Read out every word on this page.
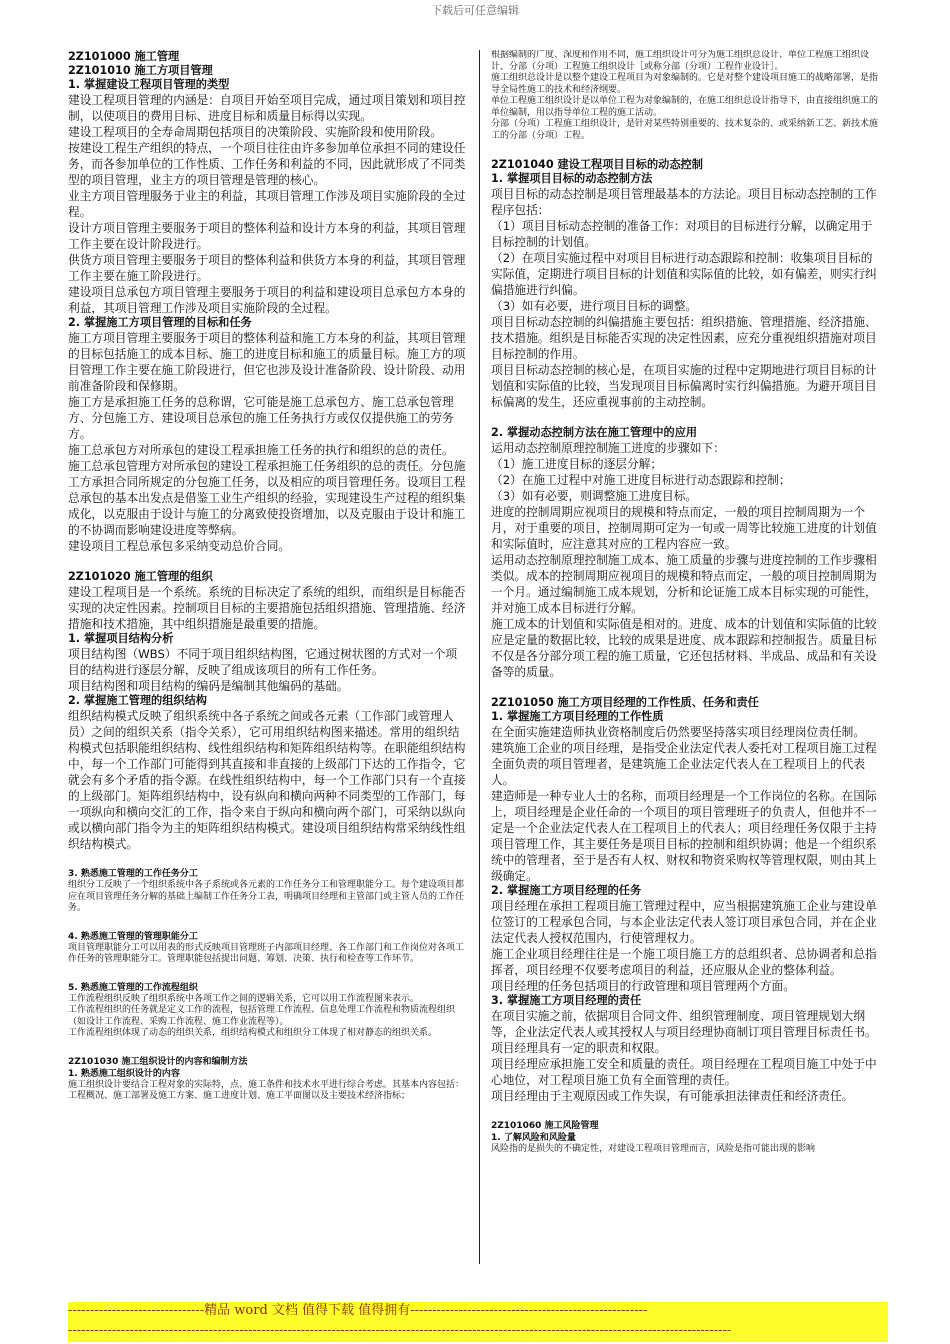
下载后可任意编辑
2Z101000 施工管理
2Z101010 施工方项目管理
1. 掌握建设工程项目管理的类型
建设工程项目管理的内涵是：自项目开始至项目完成，通过项目策划和项目控制，以使项目的费用目标、进度目标和质量目标得以实现。
建设工程项目的全寿命周期包括项目的决策阶段、实施阶段和使用阶段。
按建设工程生产组织的特点，一个项目往往由许多参加单位承担不同的建设任务，而各参加单位的工作性质、工作任务和利益的不同，因此就形成了不同类型的项目管理，业主方的项目管理是管理的核心。
业主方项目管理服务于业主的利益，其项目管理工作涉及项目实施阶段的全过程。
设计方项目管理主要服务于项目的整体利益和设计方本身的利益，其项目管理工作主要在设计阶段进行。
供货方项目管理主要服务于项目的整体利益和供货方本身的利益，其项目管理工作主要在施工阶段进行。
建设项目总承包方项目管理主要服务于项目的利益和建设项目总承包方本身的利益，其项目管理工作涉及项目实施阶段的全过程。
2. 掌握施工方项目管理的目标和任务
施工方项目管理主要服务于项目的整体利益和施工方本身的利益，其项目管理的目标包括施工的成本目标、施工的进度目标和施工的质量目标。施工方的项目管理工作主要在施工阶段进行，但它也涉及设计准备阶段、设计阶段、动用前准备阶段和保修期。
施工方是承担施工任务的总称谓，它可能是施工总承包方、施工总承包管理方、分包施工方、建设项目总承包的施工任务执行方或仅仅提供施工的劳务方。
施工总承包方对所承包的建设工程承担施工任务的执行和组织的总的责任。
施工总承包管理方对所承包的建设工程承担施工任务组织的总的责任。分包施工方承担合同所规定的分包施工任务，以及相应的项目管理任务。设项目工程总承包的基本出发点是借鉴工业生产组织的经验，实现建设生产过程的组织集成化，以克服由于设计与施工的分离致使投资增加，以及克服由于设计和施工的不协调而影响建设进度等弊病。
建设项目工程总承包多采纳变动总价合同。
2Z101020 施工管理的组织
建设工程项目是一个系统。系统的目标决定了系统的组织，而组织是目标能否实现的决定性因素。控制项目目标的主要措施包括组织措施、管理措施、经济措施和技术措施，其中组织措施是最重要的措施。
1. 掌握项目结构分析
项目结构图（WBS）不同于项目组织结构图，它通过树状图的方式对一个项目的结构进行逐层分解，反映了组成该项目的所有工作任务。
项目结构图和项目结构的编码是编制其他编码的基础。
2. 掌握施工管理的组织结构
组织结构模式反映了组织系统中各子系统之间或各元素（工作部门或管理人员）之间的组织关系（指令关系），它可用组织结构图来描述。常用的组织结构模式包括职能组织结构、线性组织结构和矩阵组织结构等。在职能组织结构中，每一个工作部门可能得到其直接和非直接的上级部门下达的工作指令，它就会有多个矛盾的指令源。在线性组织结构中，每一个工作部门只有一个直接的上级部门。矩阵组织结构中，设有纵向和横向两种不同类型的工作部门，每一项纵向和横向交汇的工作，指令来自于纵向和横向两个部门，可采纳以纵向或以横向部门指令为主的矩阵组织结构模式。建设项目组织结构常采纳线性组织结构模式。
3. 熟悉施工管理的工作任务分工
组织分工反映了一个组织系统中各子系统或各元素的工作任务分工和管理职能分工。每个建设项目都应在项目管理任务分解的基础上编制工作任务分工表，明确项目经理和主管部门或主管人员的工作任务。
4. 熟悉施工管理的管理职能分工
项目管理职能分工可以用表的形式反映项目管理班子内部项目经理、各工作部门和工作岗位对各项工作任务的管理职能分工。管理职能包括提出问题、筹划、决策、执行和检查等工作环节。
5. 熟悉施工管理的工作流程组织
工作流程组织反映了组织系统中各项工作之间的逻辑关系，它可以用工作流程图来表示。
工作流程组织的任务就是定义工作的流程，包括管理工作流程、信息处理工作流程和物质流程组织（如设计工作流程、采购工作流程、施工作业流程等）。
工作流程组织体现了动态的组织关系，组织结构模式和组织分工体现了相对静态的组织关系。
2Z101030 施工组织设计的内容和编制方法
1. 熟悉施工组织设计的内容
施工组织设计要结合工程对象的实际特，点、施工条件和技术水平进行综合考虑。其基本内容包括：工程概况、施工部署及施工方案、施工进度计划、施工平面图以及主要技术经济指标；
根据编制的广度、深度和作用不同，施工组织设计可分为施工组织总设计、单位工程施工组织设计、分部（分项）工程施工组织设计［或称分部（分项）工程作业设计］。
施工组织总设计是以整个建设工程项目为对象编制的。它是对整个建设项目施工的战略部署，是指导全局性施工的技术和经济纲要。
单位工程施工组织设计是以单位工程为对象编制的，在施工组织总设计指导下，由直接组织施工的单位编制，用以指导单位工程的施工活动。
分部（分项）工程施工组织设计，是针对某些特别重要的、技术复杂的、或采纳新工艺、新技术施工的分部（分项）工程。
2Z101040 建设工程项目目标的动态控制
1. 掌握项目目标的动态控制方法
项目目标的动态控制是项目管理最基本的方法论。项目目标动态控制的工作程序包括：
（1）项目目标动态控制的准备工作：对项目的目标进行分解，以确定用于目标控制的计划值。
（2）在项目实施过程中对项目目标进行动态跟踪和控制：收集项目目标的实际值，定期进行项目目标的计划值和实际值的比较，如有偏差，则实行纠偏措施进行纠偏。
（3）如有必要，进行项目目标的调整。
项目目标动态控制的纠偏措施主要包括：组织措施、管理措施、经济措施、技术措施。组织是目标能否实现的决定性因素，应充分重视组织措施对项目目标控制的作用。
项目目标动态控制的核心是，在项目实施的过程中定期地进行项目目标的计划值和实际值的比较，当发现项目目标偏离时实行纠偏措施。为避开项目目标偏离的发生，还应重视事前的主动控制。
2. 掌握动态控制方法在施工管理中的应用
运用动态控制原理控制施工进度的步骤如下：
（1）施工进度目标的逐层分解；
（2）在施工过程中对施工进度目标进行动态跟踪和控制；
（3）如有必要，则调整施工进度目标。
进度的控制周期应视项目的规模和特点而定，一般的项目控制周期为一个月，对于重要的项目，控制周期可定为一旬或一周等比较施工进度的计划值和实际值时，应注意其对应的工程内容应一致。
运用动态控制原理控制施工成本、施工质量的步骤与进度控制的工作步骤相类似。成本的控制周期应视项目的规模和特点而定，一般的项目控制周期为一个月。通过编制施工成本规划，分析和论证施工成本目标实现的可能性，并对施工成本目标进行分解。
施工成本的计划值和实际值是相对的。进度、成本的计划值和实际值的比较应是定量的数据比较，比较的成果是进度、成本跟踪和控制报告。质量目标不仅是各分部分项工程的施工质量，它还包括材料、半成品、成品和有关设备等的质量。
2Z101050 施工方项目经理的工作性质、任务和责任
1. 掌握施工方项目经理的工作性质
在全面实施建造师执业资格制度后仍然要坚持落实项目经理岗位责任制。
建筑施工企业的项目经理，是指受企业法定代表人委托对工程项目施工过程全面负责的项目管理者，是建筑施工企业法定代表人在工程项目上的代表人。
建造师是一种专业人士的名称，而项目经理是一个工作岗位的名称。在国际上，项目经理是企业任命的一个项目的项目管理班子的负责人，但他并不一定是一个企业法定代表人在工程项目上的代表人；项目经理任务仅限于主持项目管理工作，其主要任务是项目目标的控制和组织协调；他是一个组织系统中的管理者，至于是否有人权、财权和物资采购权等管理权限，则由其上级确定。
2. 掌握施工方项目经理的任务
项目经理在承担工程项目施工管理过程中，应当根据建筑施工企业与建设单位签订的工程承包合同，与本企业法定代表人签订项目承包合同，并在企业法定代表人授权范围内，行使管理权力。
施工企业项目经理往往是一个施工项目施工方的总组织者、总协调者和总指挥者，项目经理不仅要考虑项目的利益，还应服从企业的整体利益。
项目经理的任务包括项目的行政管理和项目管理两个方面。
3. 掌握施工方项目经理的责任
在项目实施之前，依据项目合同文件、组织管理制度、项目管理规划大纲等，企业法定代表人或其授权人与项目经理协商制订项目管理目标责任书。项目经理具有一定的职责和权限。
项目经理应承担施工安全和质量的责任。项目经理在工程项目施工中处于中心地位，对工程项目施工负有全面管理的责任。
项目经理由于主观原因或工作失误，有可能承担法律责任和经济责任。
2Z101060 施工风险管理
1. 了解风险和风险量
风险指的是损失的不确定性，对建设工程项目管理而言，风险是指可能出现的影响
-------------------------------精品 word 文档 值得下载 值得拥有------------------------------------------------------
-------------------------------------------------------------------------------------------------------------------------------------------------------
